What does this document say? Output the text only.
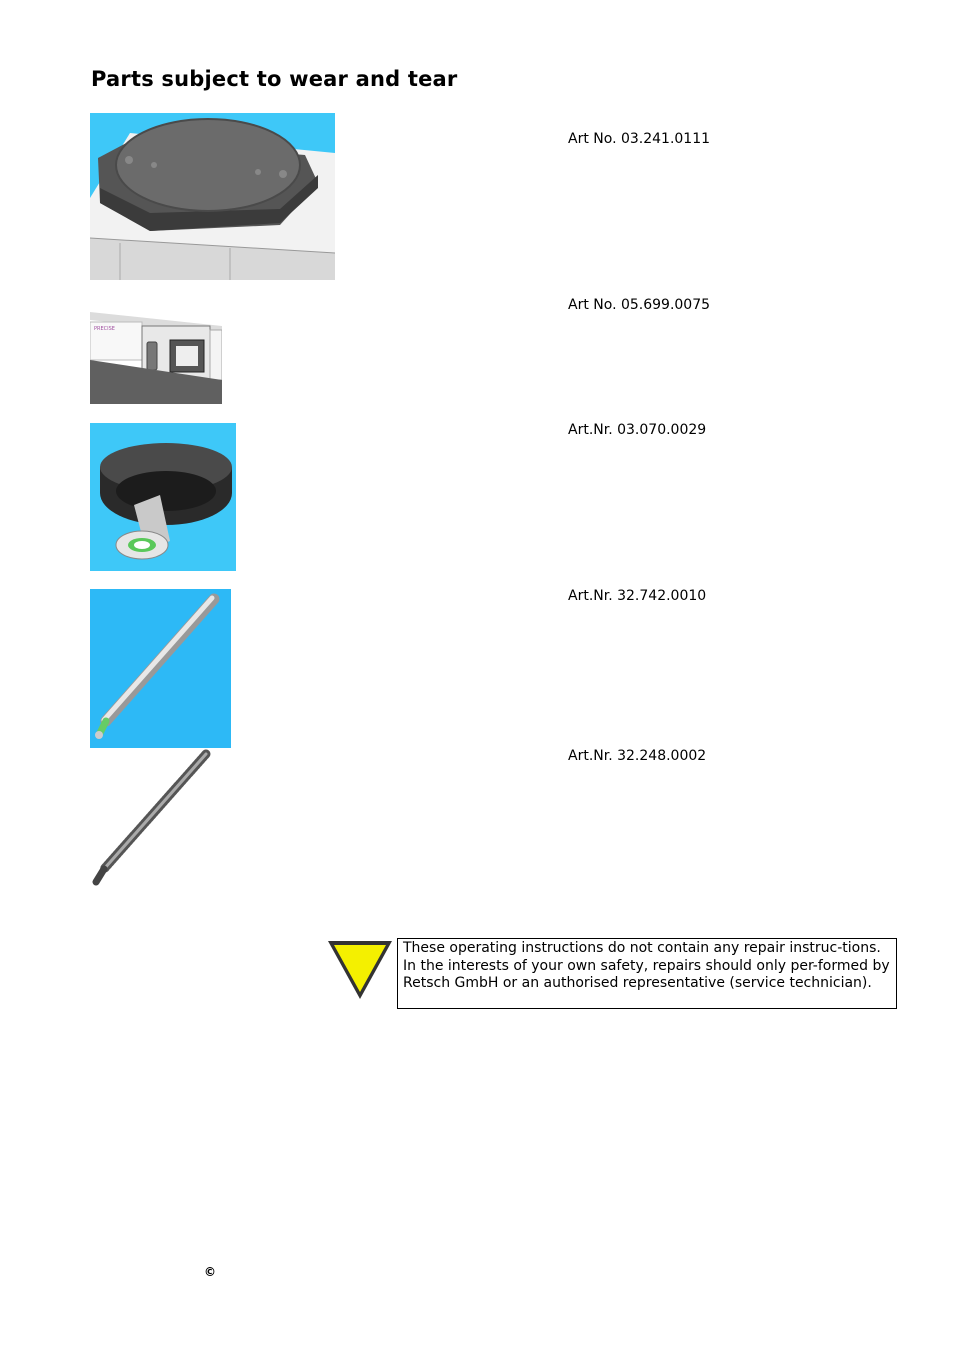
Parts subject to wear and tear
Art No. 03.241.0111
PRECISE
Art No. 05.699.0075
Art.Nr. 03.070.0029
Art.Nr. 32.742.0010
Art.Nr. 32.248.0002
These operating instructions do not contain any repair instruc-tions. In the interests of your own safety, repairs should only per-formed by Retsch GmbH or an authorised representative (service technician).
©
